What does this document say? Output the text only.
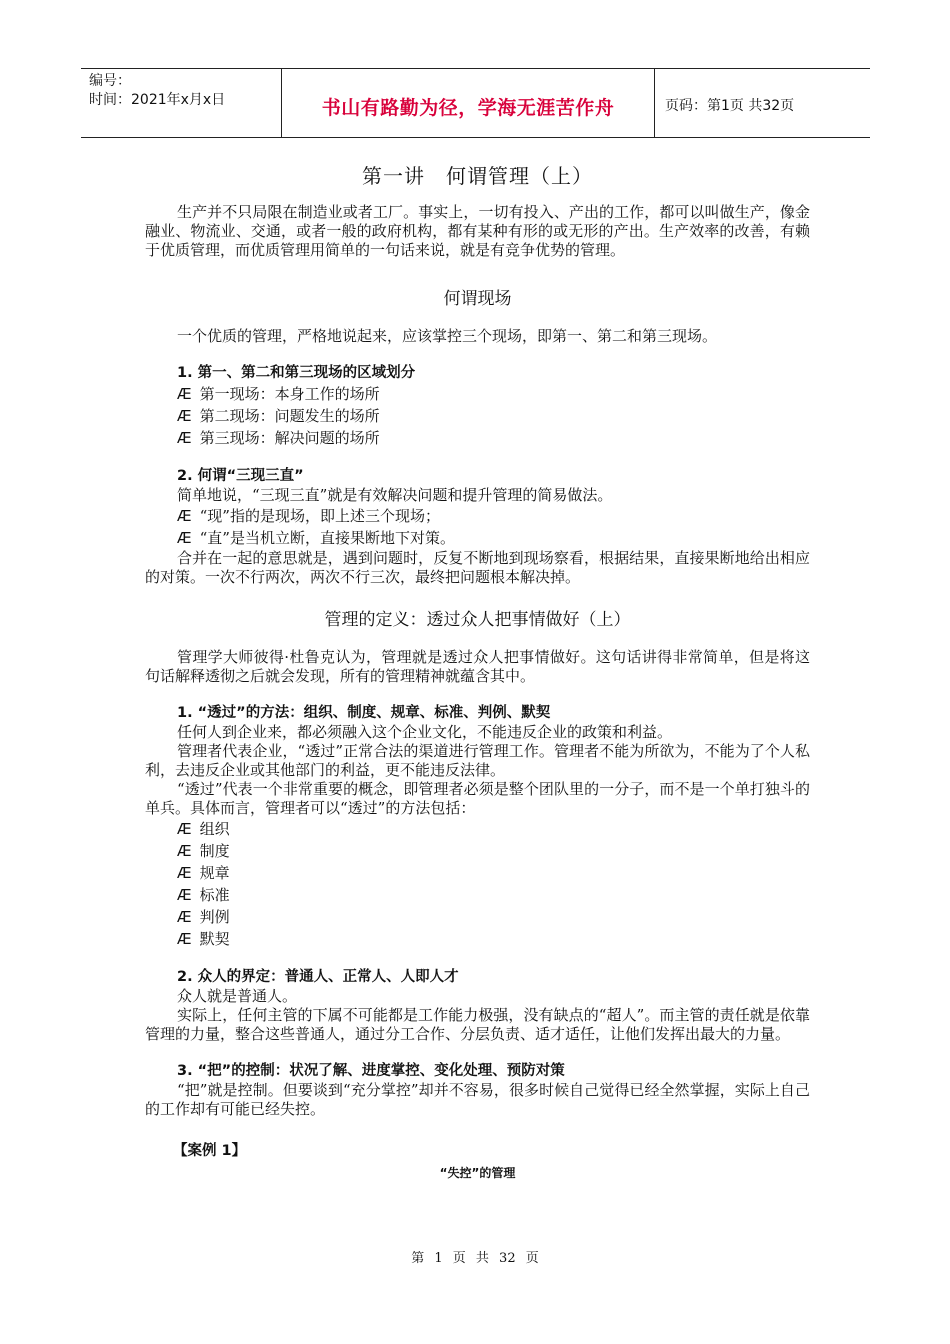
编号：
时间：2021年x月x日	书山有路勤为径，学海无涯苦作舟	页码：第1页 共32页
第一讲　何谓管理（上）

生产并不只局限在制造业或者工厂。事实上，一切有投入、产出的工作，都可以叫做生产，像金融业、物流业、交通，或者一般的政府机构，都有某种有形的或无形的产出。生产效率的改善，有赖于优质管理，而优质管理用简单的一句话来说，就是有竞争优势的管理。

何谓现场

一个优质的管理，严格地说起来，应该掌控三个现场，即第一、第二和第三现场。

1. 第一、第二和第三现场的区域划分
Æ 第一现场：本身工作的场所
Æ 第二现场：问题发生的场所
Æ 第三现场：解决问题的场所
2. 何谓“三现三直”

简单地说，“三现三直”就是有效解决问题和提升管理的简易做法。

Æ “现”指的是现场，即上述三个现场；
Æ “直”是当机立断，直接果断地下对策。

合并在一起的意思就是，遇到问题时，反复不断地到现场察看，根据结果，直接果断地给出相应的对策。一次不行两次，两次不行三次，最终把问题根本解决掉。

管理的定义：透过众人把事情做好（上）

管理学大师彼得·杜鲁克认为，管理就是透过众人把事情做好。这句话讲得非常简单，但是将这句话解释透彻之后就会发现，所有的管理精神就蕴含其中。

1. “透过”的方法：组织、制度、规章、标准、判例、默契

任何人到企业来，都必须融入这个企业文化，不能违反企业的政策和利益。

管理者代表企业，“透过”正常合法的渠道进行管理工作。管理者不能为所欲为，不能为了个人私利，去违反企业或其他部门的利益，更不能违反法律。

“透过”代表一个非常重要的概念，即管理者必须是整个团队里的一分子，而不是一个单打独斗的单兵。具体而言，管理者可以“透过”的方法包括：

Æ 组织
Æ 制度
Æ 规章
Æ 标准
Æ 判例
Æ 默契
2. 众人的界定：普通人、正常人、人即人才

众人就是普通人。

实际上，任何主管的下属不可能都是工作能力极强，没有缺点的“超人”。而主管的责任就是依靠管理的力量，整合这些普通人，通过分工合作、分层负责、适才适任，让他们发挥出最大的力量。

3. “把”的控制：状况了解、进度掌控、变化处理、预防对策

“把”就是控制。但要谈到“充分掌控”却并不容易，很多时候自己觉得已经全然掌握，实际上自己的工作却有可能已经失控。

【案例 1】
“失控”的管理
第 1 页 共 32 页
